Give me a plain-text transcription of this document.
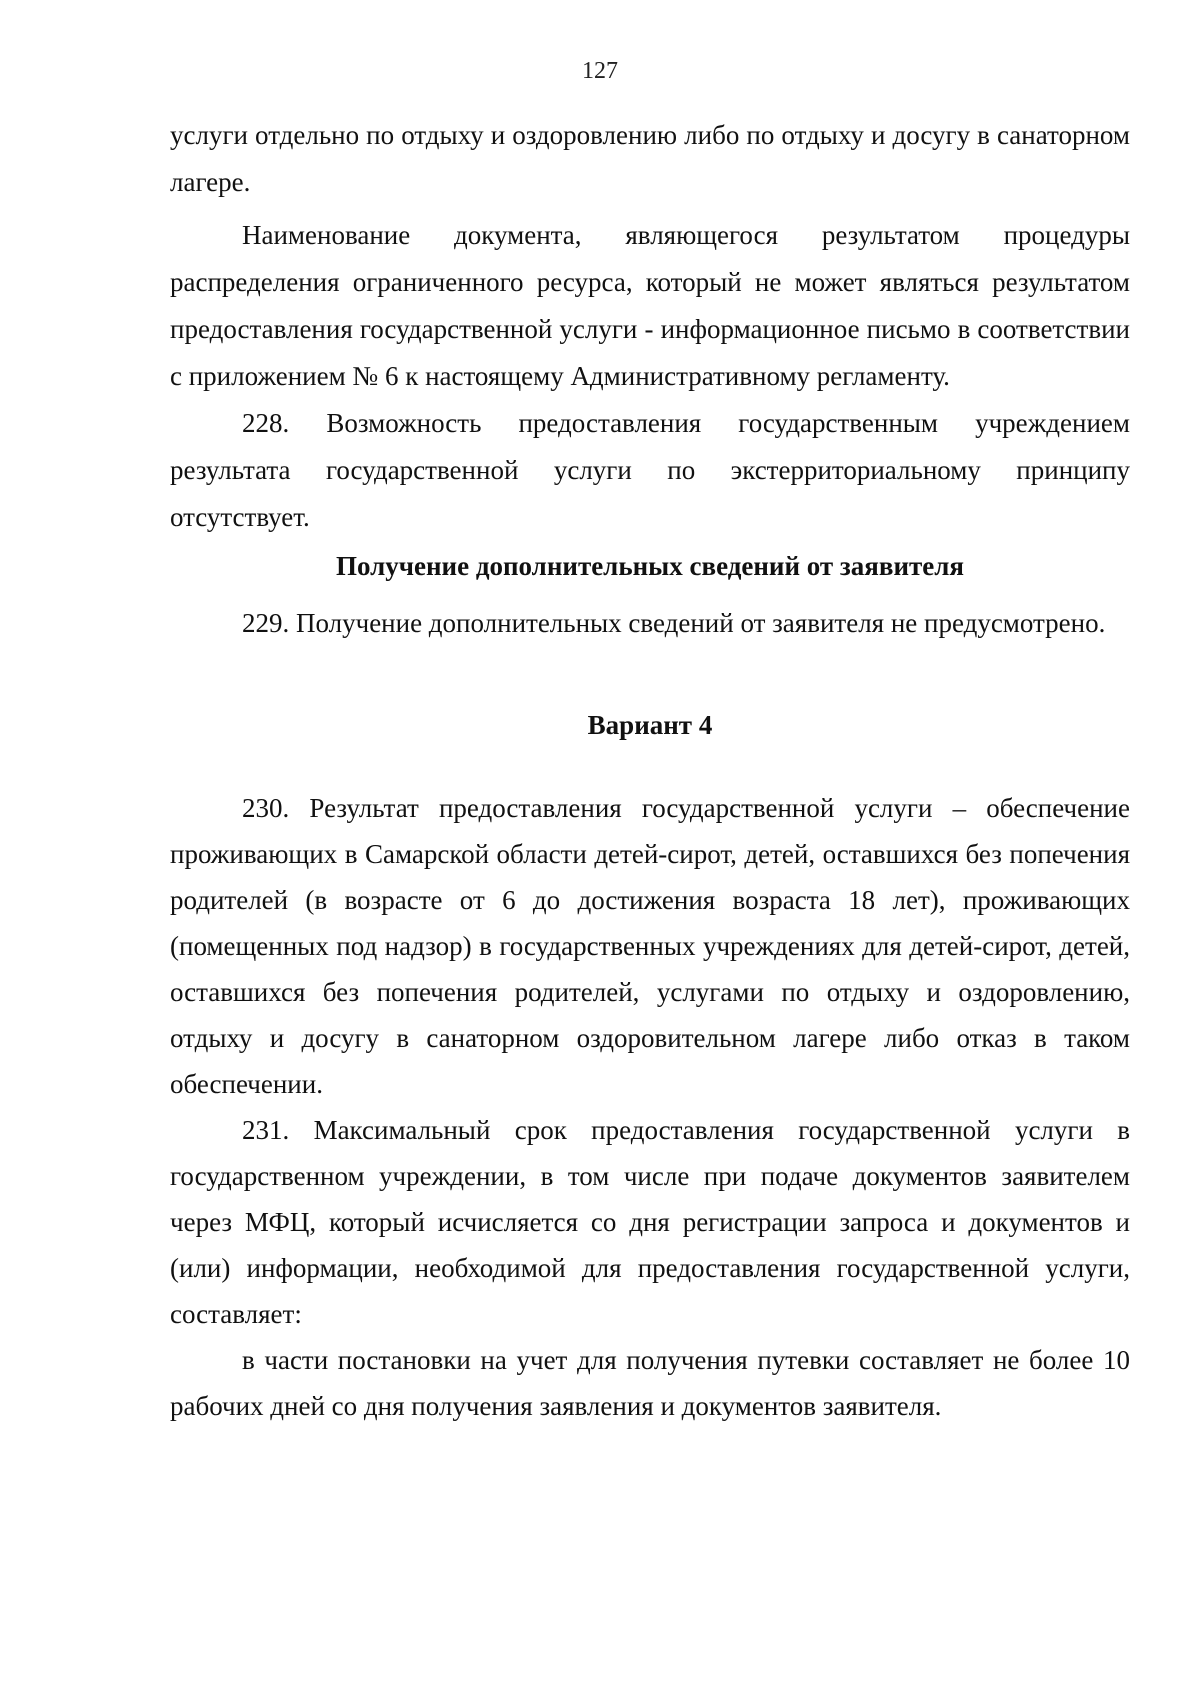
127

услуги отдельно по отдыху и оздоровлению либо по отдыху и досугу в санаторном лагере.

Наименование документа, являющегося результатом процедуры распределения ограниченного ресурса, который не может являться результатом предоставления государственной услуги - информационное письмо в соответствии с приложением № 6 к настоящему Административному регламенту.

228. Возможность предоставления государственным учреждением результата государственной услуги по экстерриториальному принципу отсутствует.

Получение дополнительных сведений от заявителя

229. Получение дополнительных сведений от заявителя не предусмотрено.

Вариант 4

230. Результат предоставления государственной услуги – обеспечение проживающих в Самарской области детей-сирот, детей, оставшихся без попечения родителей (в возрасте от 6 до достижения возраста 18 лет), проживающих (помещенных под надзор) в государственных учреждениях для детей-сирот, детей, оставшихся без попечения родителей, услугами по отдыху и оздоровлению, отдыху и досугу в санаторном оздоровительном лагере либо отказ в таком обеспечении.

231. Максимальный срок предоставления государственной услуги в государственном учреждении, в том числе при подаче документов заявителем через МФЦ, который исчисляется со дня регистрации запроса и документов и (или) информации, необходимой для предоставления государственной услуги, составляет:

в части постановки на учет для получения путевки составляет не более 10 рабочих дней со дня получения заявления и документов заявителя.
